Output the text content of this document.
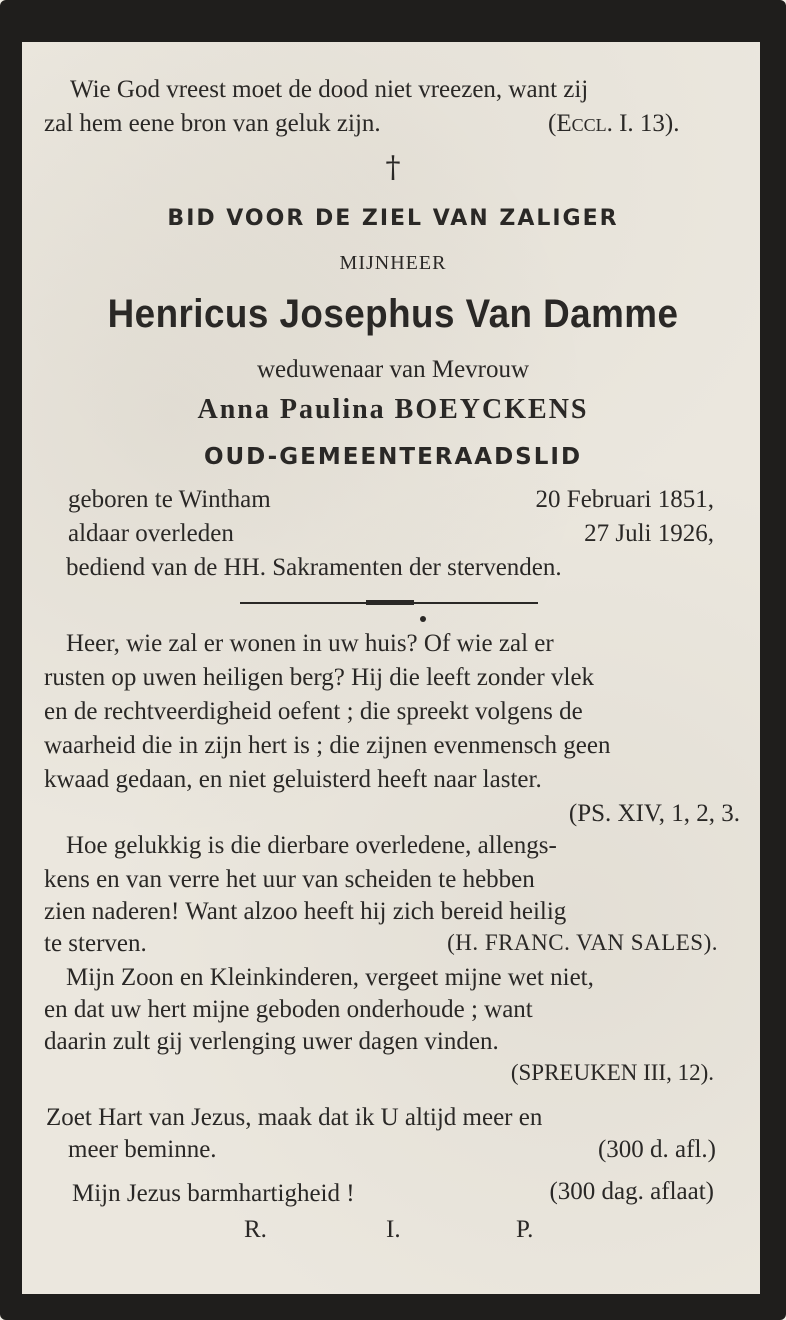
Wie God vreest moet de dood niet vreezen, want zij
zal hem eene bron van geluk zijn.	(Eccl. I. 13).
†
BID VOOR DE ZIEL VAN ZALIGER
MIJNHEER
Henricus Josephus Van Damme
weduwenaar van Mevrouw
Anna Paulina BOEYCKENS
OUD-GEMEENTERAADSLID
geboren te Wintham	20 Februari 1851,
aldaar overleden	27 Juli 1926,
bediend van de HH. Sakramenten der stervenden.
Heer, wie zal er wonen in uw huis? Of wie zal er
rusten op uwen heiligen berg? Hij die leeft zonder vlek
en de rechtveerdigheid oefent ; die spreekt volgens de
waarheid die in zijn hert is ; die zijnen evenmensch geen
kwaad gedaan, en niet geluisterd heeft naar laster.
(PS. XIV, 1, 2, 3.
Hoe gelukkig is die dierbare overledene, allengs-
kens en van verre het uur van scheiden te hebben
zien naderen! Want alzoo heeft hij zich bereid heilig
te sterven.	(H. FRANC. VAN SALES).
Mijn Zoon en Kleinkinderen, vergeet mijne wet niet,
en dat uw hert mijne geboden onderhoude ; want
daarin zult gij verlenging uwer dagen vinden.
(SPREUKEN III, 12).
Zoet Hart van Jezus, maak dat ik U altijd meer en
meer beminne.	(300 d. afl.)
Mijn Jezus barmhartigheid !	(300 dag. aflaat)
R.	I.	P.
